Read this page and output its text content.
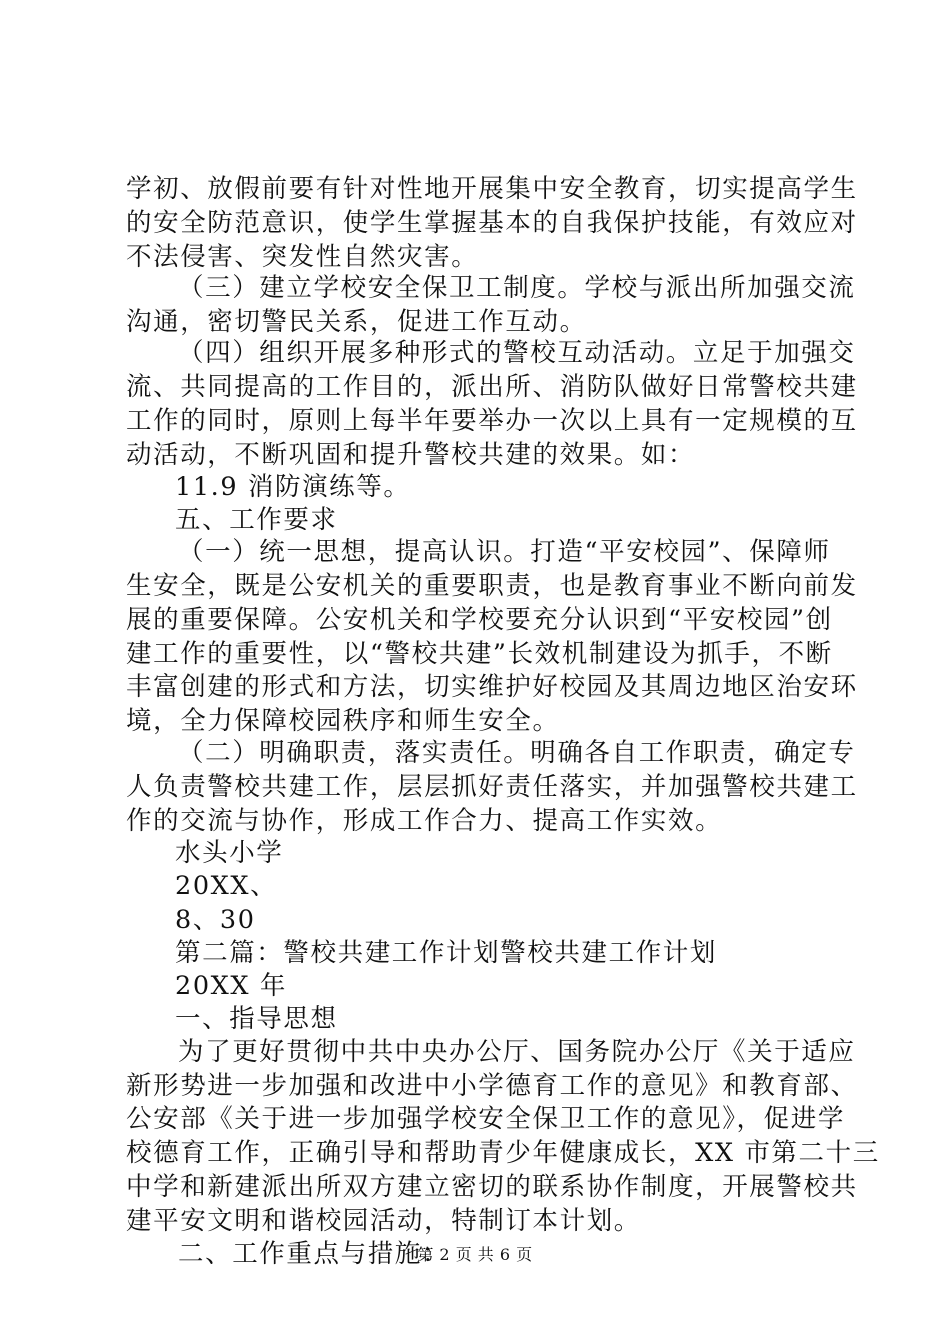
学初、放假前要有针对性地开展集中安全教育，切实提高学生
的安全防范意识，使学生掌握基本的自我保护技能，有效应对
不法侵害、突发性自然灾害。
（三）建立学校安全保卫工制度。学校与派出所加强交流
沟通，密切警民关系，促进工作互动。
（四）组织开展多种形式的警校互动活动。立足于加强交
流、共同提高的工作目的，派出所、消防队做好日常警校共建
工作的同时，原则上每半年要举办一次以上具有一定规模的互
动活动，不断巩固和提升警校共建的效果。如：
11.9 消防演练等。
五、工作要求
（一）统一思想，提高认识。打造“平安校园”、保障师
生安全，既是公安机关的重要职责，也是教育事业不断向前发
展的重要保障。公安机关和学校要充分认识到“平安校园”创
建工作的重要性，以“警校共建”长效机制建设为抓手，不断
丰富创建的形式和方法，切实维护好校园及其周边地区治安环
境，全力保障校园秩序和师生安全。
（二）明确职责，落实责任。明确各自工作职责，确定专
人负责警校共建工作，层层抓好责任落实，并加强警校共建工
作的交流与协作，形成工作合力、提高工作实效。
水头小学
20XX、
8、30
第二篇：警校共建工作计划警校共建工作计划
20XX 年
一、指导思想
为了更好贯彻中共中央办公厅、国务院办公厅《关于适应
新形势进一步加强和改进中小学德育工作的意见》和教育部、
公安部《关于进一步加强学校安全保卫工作的意见》，促进学
校德育工作，正确引导和帮助青少年健康成长，XX 市第二十三
中学和新建派出所双方建立密切的联系协作制度，开展警校共
建平安文明和谐校园活动，特制订本计划。
二、工作重点与措施：
第 2 页 共 6 页
